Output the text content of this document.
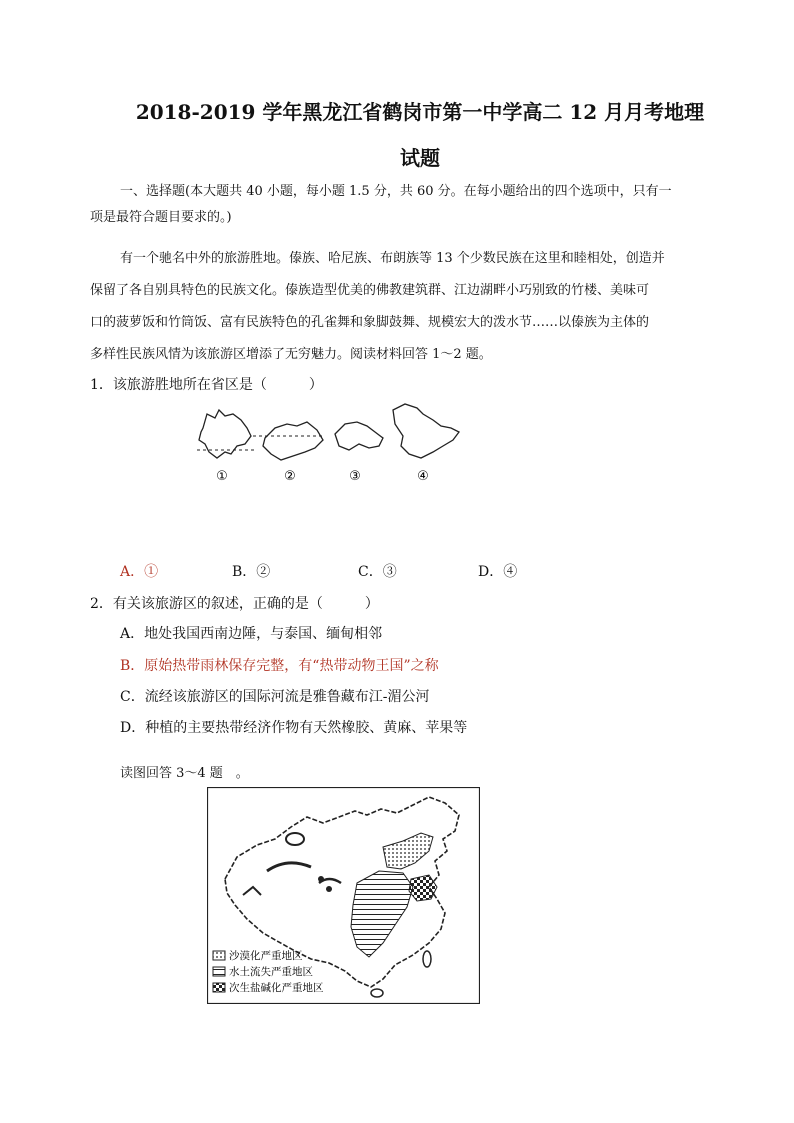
2018-2019 学年黑龙江省鹤岗市第一中学高二 12 月月考地理
试题
一、选择题(本大题共 40 小题，每小题 1.5 分，共 60 分。在每小题给出的四个选项中，只有一
项是最符合题目要求的。)
有一个驰名中外的旅游胜地。傣族、哈尼族、布朗族等 13 个少数民族在这里和睦相处，创造并
保留了各自别具特色的民族文化。傣族造型优美的佛教建筑群、江边湖畔小巧别致的竹楼、美味可
口的菠萝饭和竹筒饭、富有民族特色的孔雀舞和象脚鼓舞、规模宏大的泼水节……以傣族为主体的
多样性民族风情为该旅游区增添了无穷魅力。阅读材料回答 1～2 题。
1．该旅游胜地所在省区是（　　　）
①	②	③	④
A．①	B．②	C．③	D．④
2．有关该旅游区的叙述，正确的是（　　　）
A．地处我国西南边陲，与泰国、缅甸相邻
B．原始热带雨林保存完整，有“热带动物王国”之称
C．流经该旅游区的国际河流是雅鲁藏布江-湄公河
D．种植的主要热带经济作物有天然橡胶、黄麻、苹果等
读图回答 3～4 题　。
沙漠化严重地区
水土流失严重地区
次生盐碱化严重地区
